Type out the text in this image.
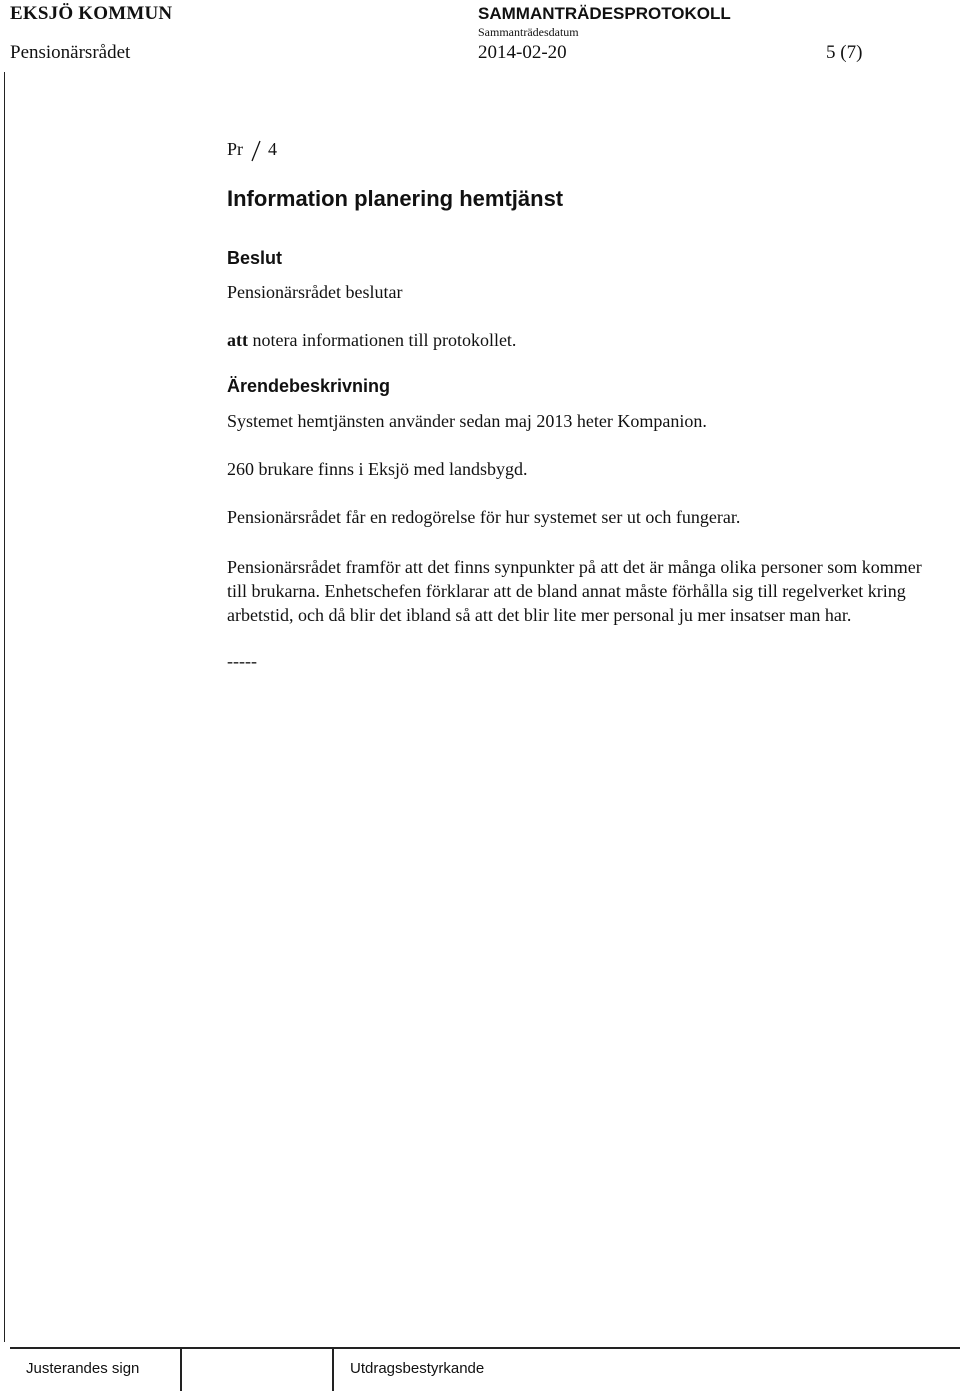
EKSJÖ KOMMUN	SAMMANTRÄDESPROTOKOLL
Sammanträdesdatum
Pensionärsrådet	2014-02-20	5 (7)
Pr 4
Information planering hemtjänst
Beslut
Pensionärsrådet beslutar
att notera informationen till protokollet.
Ärendebeskrivning
Systemet hemtjänsten använder sedan maj 2013 heter Kompanion.
260 brukare finns i Eksjö med landsbygd.
Pensionärsrådet får en redogörelse för hur systemet ser ut och fungerar.
Pensionärsrådet framför att det finns synpunkter på att det är många olika personer som kommer till brukarna. Enhetschefen förklarar att de bland annat måste förhålla sig till regelverket kring arbetstid, och då blir det ibland så att det blir lite mer personal ju mer insatser man har.
-----
Justerandes sign	Utdragsbestyrkande
